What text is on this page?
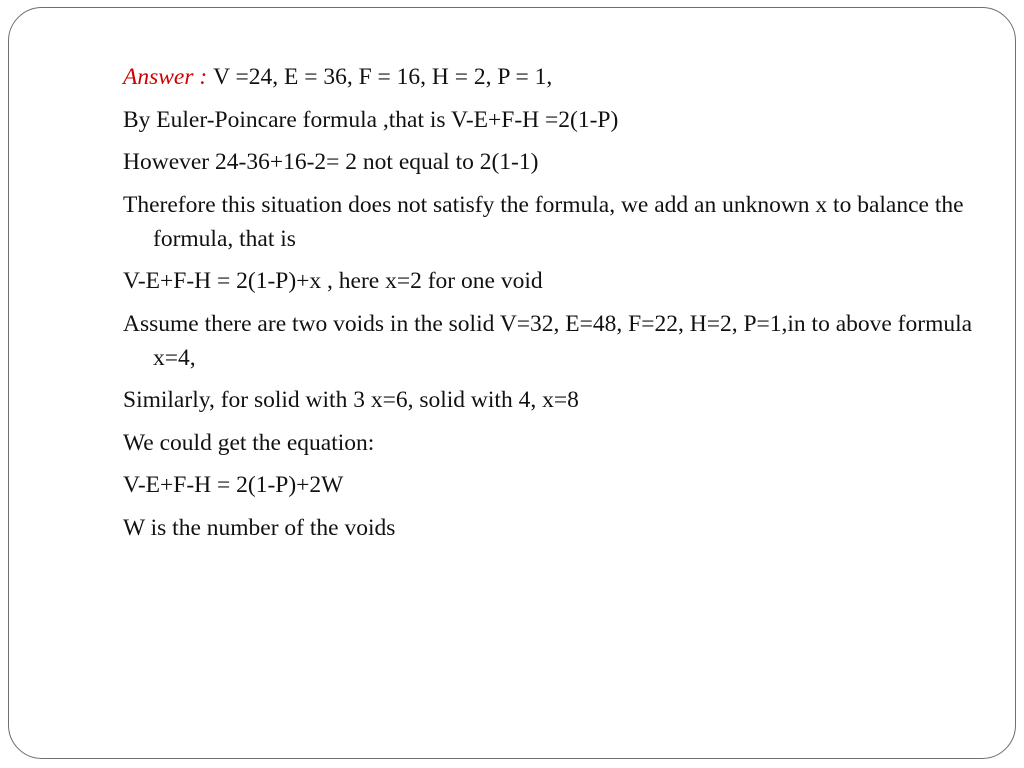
Answer : V =24, E = 36, F = 16, H = 2, P = 1,

By Euler-Poincare formula ,that is V-E+F-H =2(1-P)

However 24-36+16-2= 2 not equal to 2(1-1)

Therefore this situation does not satisfy the formula, we add an unknown x to balance the formula, that is

V-E+F-H = 2(1-P)+x , here x=2 for one void

Assume there are two voids in the solid V=32, E=48, F=22, H=2, P=1,in to above formula x=4,

Similarly, for solid with 3 x=6, solid with 4, x=8

We could get the equation:

V-E+F-H = 2(1-P)+2W

W is the number of the voids
